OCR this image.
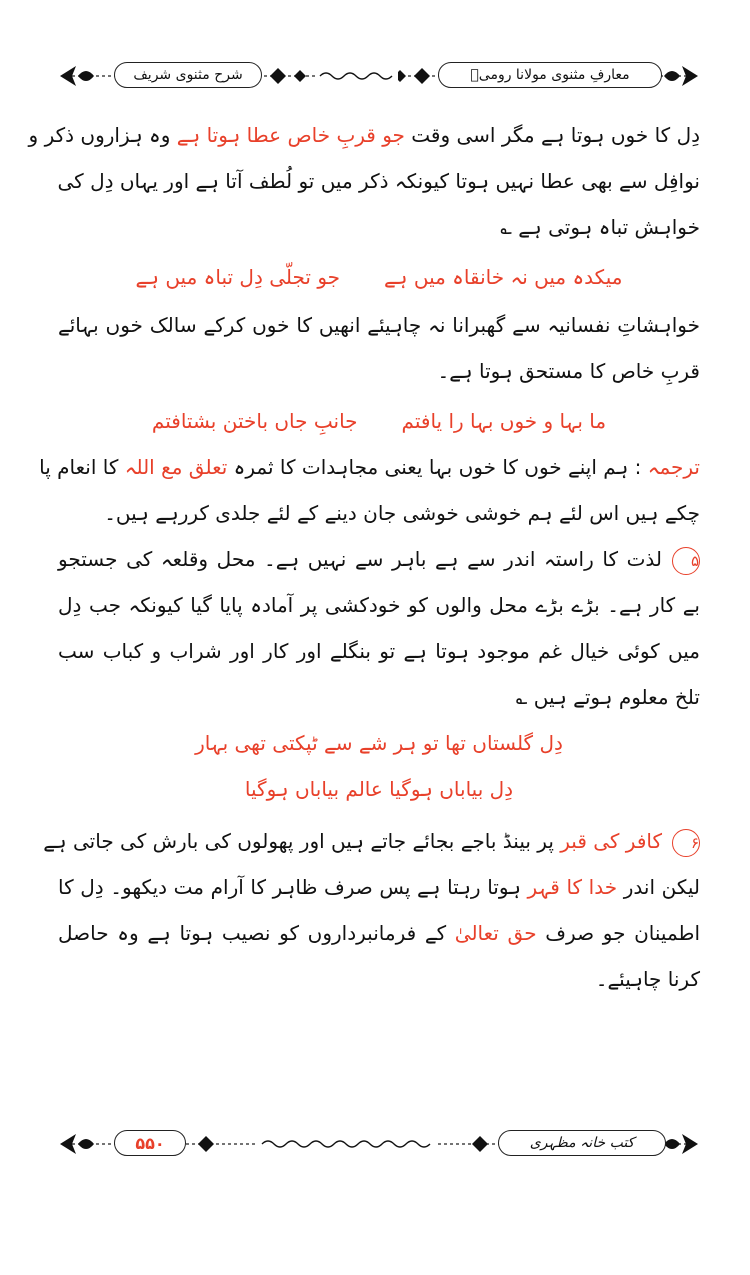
معارفِ مثنوی مولانا رومیؒ
شرح مثنوی شریف
دِل کا خوں ہوتا ہے مگر اسی وقت جو قربِ خاص عطا ہوتا ہے وہ ہزاروں ذکر و
نوافِل سے بھی عطا نہیں ہوتا کیونکہ ذکر میں تو لُطف آتا ہے اور یہاں دِل کی
خواہش تباہ ہوتی ہے ؎
میکدہ میں نہ خانقاہ میں ہےجو تجلّی دِل تباہ میں ہے
خواہشاتِ نفسانیہ سے گھبرانا نہ چاہیئے انھیں کا خوں کرکے سالک خوں بہائے
قربِ خاص کا مستحق ہوتا ہے۔
ما بہا و خوں بہا را یافتمجانبِ جاں باختن بشتافتم
ترجمہ : ہم اپنے خوں کا خوں بہا یعنی مجاہدات کا ثمرہ تعلق مع اللہ کا انعام پا
چکے ہیں اس لئے ہم خوشی خوشی جان دینے کے لئے جلدی کررہے ہیں۔
۵لذت کا راستہ اندر سے ہے باہر سے نہیں ہے۔ محل وقلعہ کی جستجو
بے کار ہے۔ بڑے بڑے محل والوں کو خودکشی پر آمادہ پایا گیا کیونکہ جب دِل
میں کوئی خیال غم موجود ہوتا ہے تو بنگلے اور کار اور شراب و کباب سب
تلخ معلوم ہوتے ہیں ؎
دِل گلستاں تھا تو ہر شے سے ٹپکتی تھی بہار
دِل بیاباں ہوگیا عالم بیاباں ہوگیا
۶کافر کی قبر پر بینڈ باجے بجائے جاتے ہیں اور پھولوں کی بارش کی جاتی ہے
لیکن اندر خدا کا قہر ہوتا رہتا ہے پس صرف ظاہر کا آرام مت دیکھو۔ دِل کا
اطمینان جو صرف حق تعالیٰ کے فرمانبرداروں کو نصیب ہوتا ہے وہ حاصل
کرنا چاہیئے۔
کتب خانہ مظہری
۵۵۰
